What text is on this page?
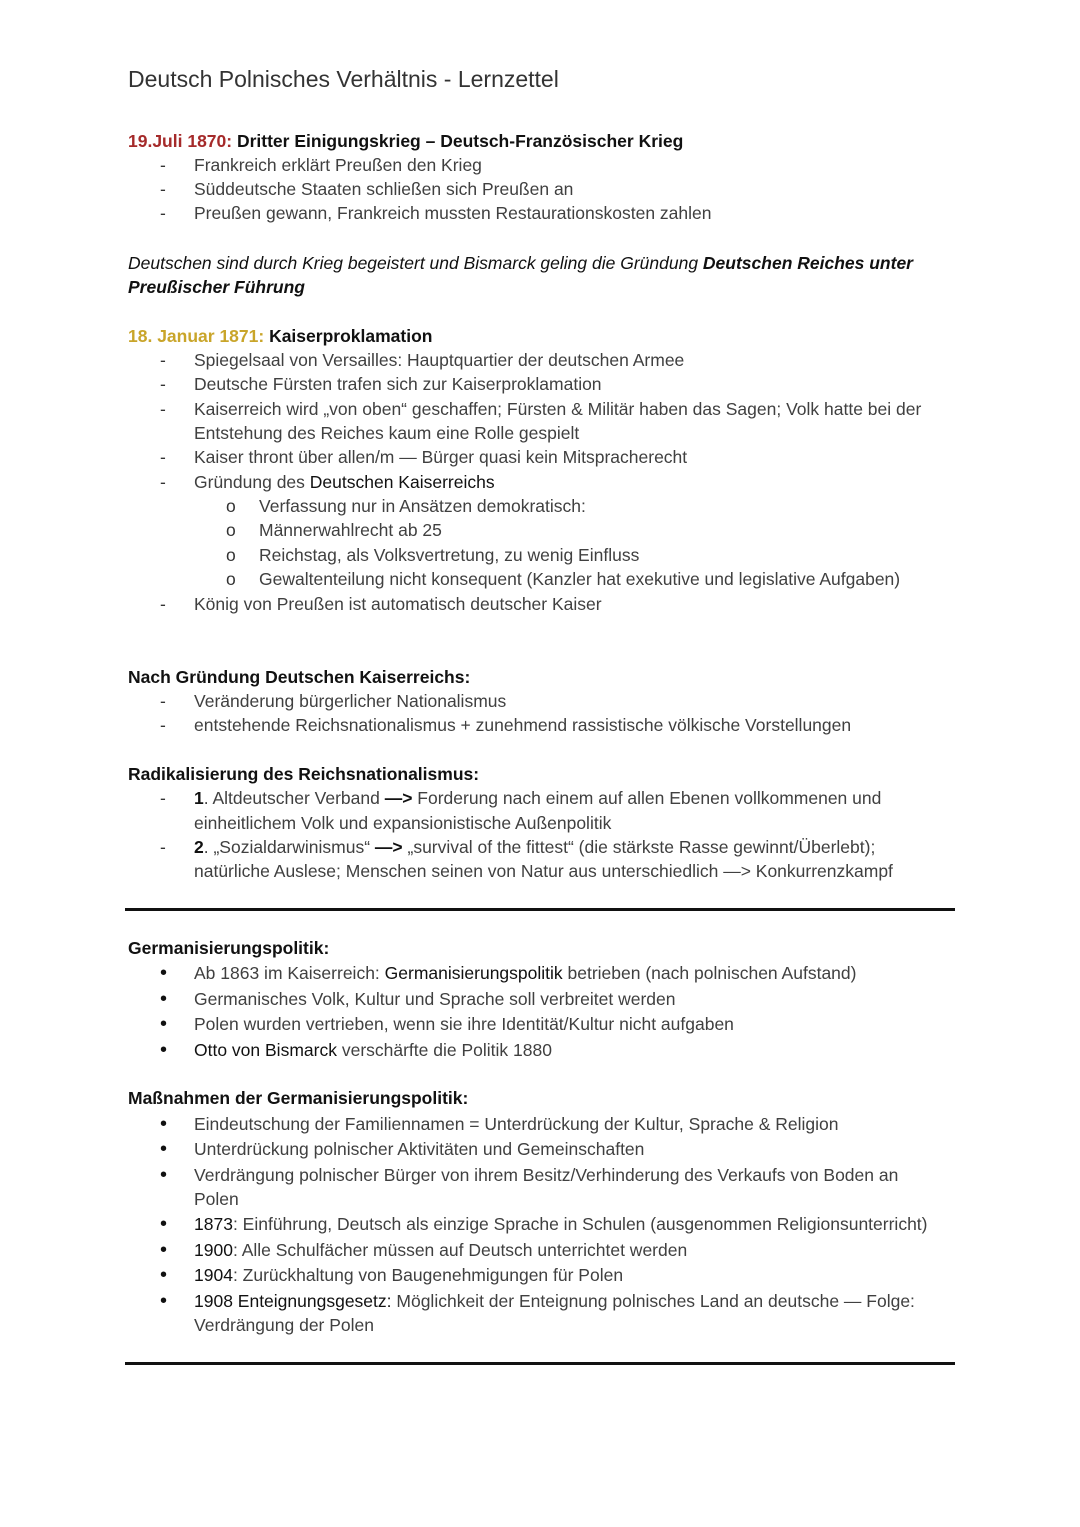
Deutsch Polnisches Verhältnis - Lernzettel
19.Juli 1870: Dritter Einigungskrieg – Deutsch-Französischer Krieg
- Frankreich erklärt Preußen den Krieg
- Süddeutsche Staaten schließen sich Preußen an
- Preußen gewann, Frankreich mussten Restaurationskosten zahlen
Deutschen sind durch Krieg begeistert und Bismarck geling die Gründung Deutschen Reiches unter
Preußischer Führung
18. Januar 1871: Kaiserproklamation
- Spiegelsaal von Versailles: Hauptquartier der deutschen Armee
- Deutsche Fürsten trafen sich zur Kaiserproklamation
- Kaiserreich wird „von oben“ geschaffen; Fürsten & Militär haben das Sagen; Volk hatte bei der
Entstehung des Reiches kaum eine Rolle gespielt
- Kaiser thront über allen/m — Bürger quasi kein Mitspracherecht
- Gründung des Deutschen Kaiserreichs
o Verfassung nur in Ansätzen demokratisch:
o Männerwahlrecht ab 25
o Reichstag, als Volksvertretung, zu wenig Einfluss
o Gewaltenteilung nicht konsequent (Kanzler hat exekutive und legislative Aufgaben)
- König von Preußen ist automatisch deutscher Kaiser
Nach Gründung Deutschen Kaiserreichs:
- Veränderung bürgerlicher Nationalismus
- entstehende Reichsnationalismus + zunehmend rassistische völkische Vorstellungen
Radikalisierung des Reichsnationalismus:
- 1. Altdeutscher Verband —> Forderung nach einem auf allen Ebenen vollkommenen und
einheitlichem Volk und expansionistische Außenpolitik
- 2. „Sozialdarwinismus“ —> „survival of the fittest“ (die stärkste Rasse gewinnt/Überlebt);
natürliche Auslese; Menschen seinen von Natur aus unterschiedlich —> Konkurrenzkampf
Germanisierungspolitik:
• Ab 1863 im Kaiserreich: Germanisierungspolitik betrieben (nach polnischen Aufstand)
• Germanisches Volk, Kultur und Sprache soll verbreitet werden
• Polen wurden vertrieben, wenn sie ihre Identität/Kultur nicht aufgaben
• Otto von Bismarck verschärfte die Politik 1880
Maßnahmen der Germanisierungspolitik:
• Eindeutschung der Familiennamen = Unterdrückung der Kultur, Sprache & Religion
• Unterdrückung polnischer Aktivitäten und Gemeinschaften
• Verdrängung polnischer Bürger von ihrem Besitz/Verhinderung des Verkaufs von Boden an
Polen
• 1873: Einführung, Deutsch als einzige Sprache in Schulen (ausgenommen Religionsunterricht)
• 1900: Alle Schulfächer müssen auf Deutsch unterrichtet werden
• 1904: Zurückhaltung von Baugenehmigungen für Polen
• 1908 Enteignungsgesetz: Möglichkeit der Enteignung polnisches Land an deutsche — Folge:
Verdrängung der Polen
